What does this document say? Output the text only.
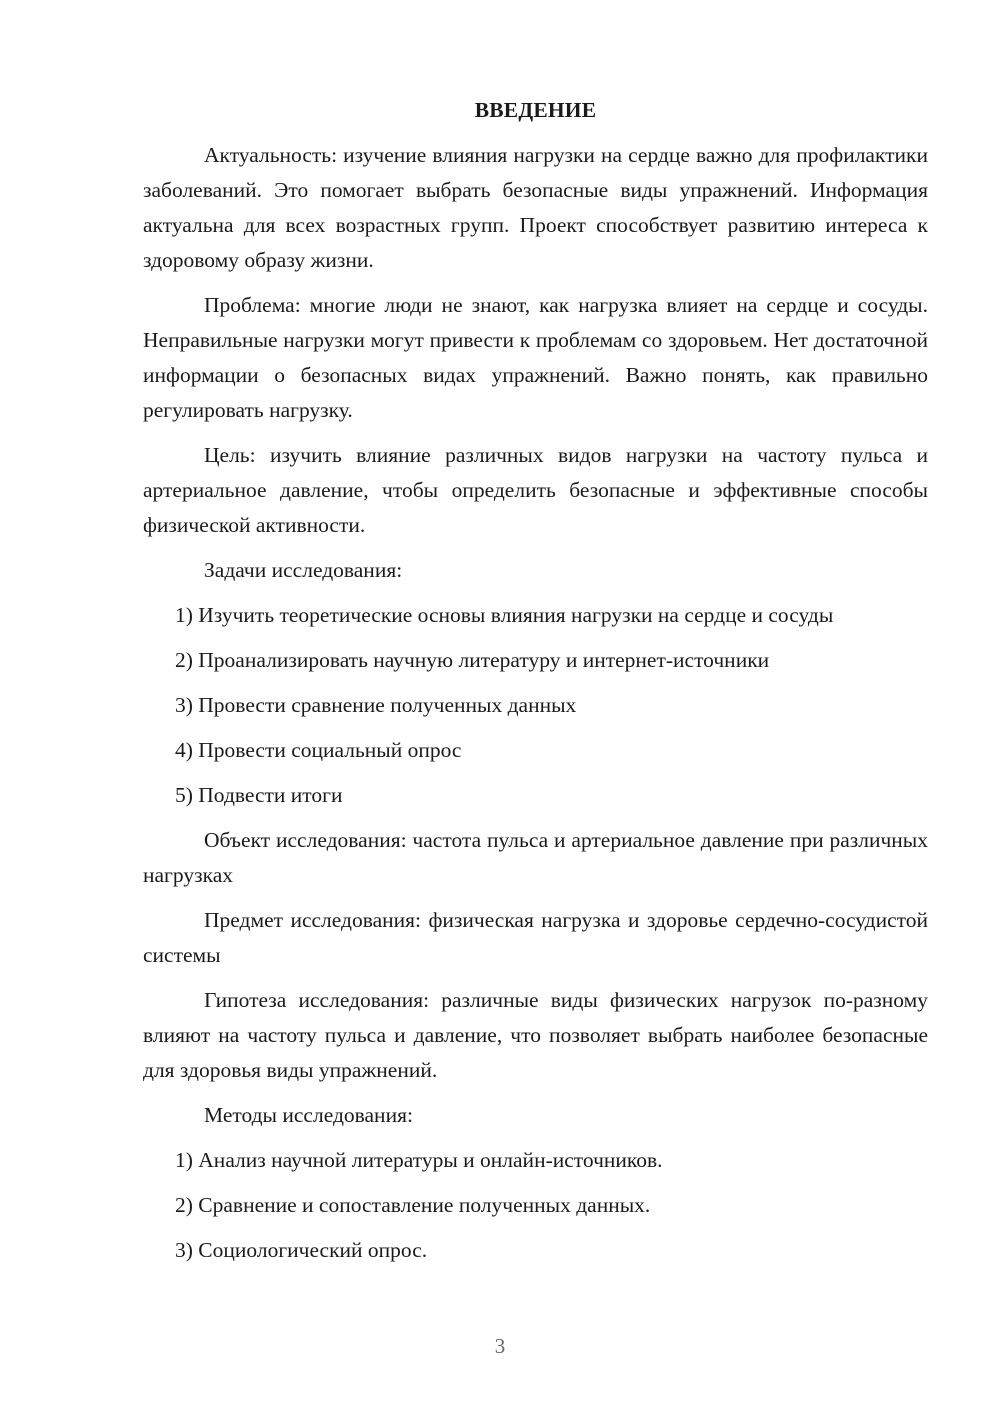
ВВЕДЕНИЕ

Актуальность: изучение влияния нагрузки на сердце важно для профилактики заболеваний. Это помогает выбрать безопасные виды упражнений. Информация актуальна для всех возрастных групп. Проект способствует развитию интереса к здоровому образу жизни.

Проблема: многие люди не знают, как нагрузка влияет на сердце и сосуды. Неправильные нагрузки могут привести к проблемам со здоровьем. Нет достаточной информации о безопасных видах упражнений. Важно понять, как правильно регулировать нагрузку.

Цель: изучить влияние различных видов нагрузки на частоту пульса и артериальное давление, чтобы определить безопасные и эффективные способы физической активности.

Задачи исследования:

1) Изучить теоретические основы влияния нагрузки на сердце и сосуды

2) Проанализировать научную литературу и интернет-источники

3) Провести сравнение полученных данных

4) Провести социальный опрос

5) Подвести итоги

Объект исследования: частота пульса и артериальное давление при различных нагрузках

Предмет исследования: физическая нагрузка и здоровье сердечно-сосудистой системы

Гипотеза исследования: различные виды физических нагрузок по-разному влияют на частоту пульса и давление, что позволяет выбрать наиболее безопасные для здоровья виды упражнений.

Методы исследования:

1) Анализ научной литературы и онлайн-источников.

2) Сравнение и сопоставление полученных данных.

3) Социологический опрос.

3
